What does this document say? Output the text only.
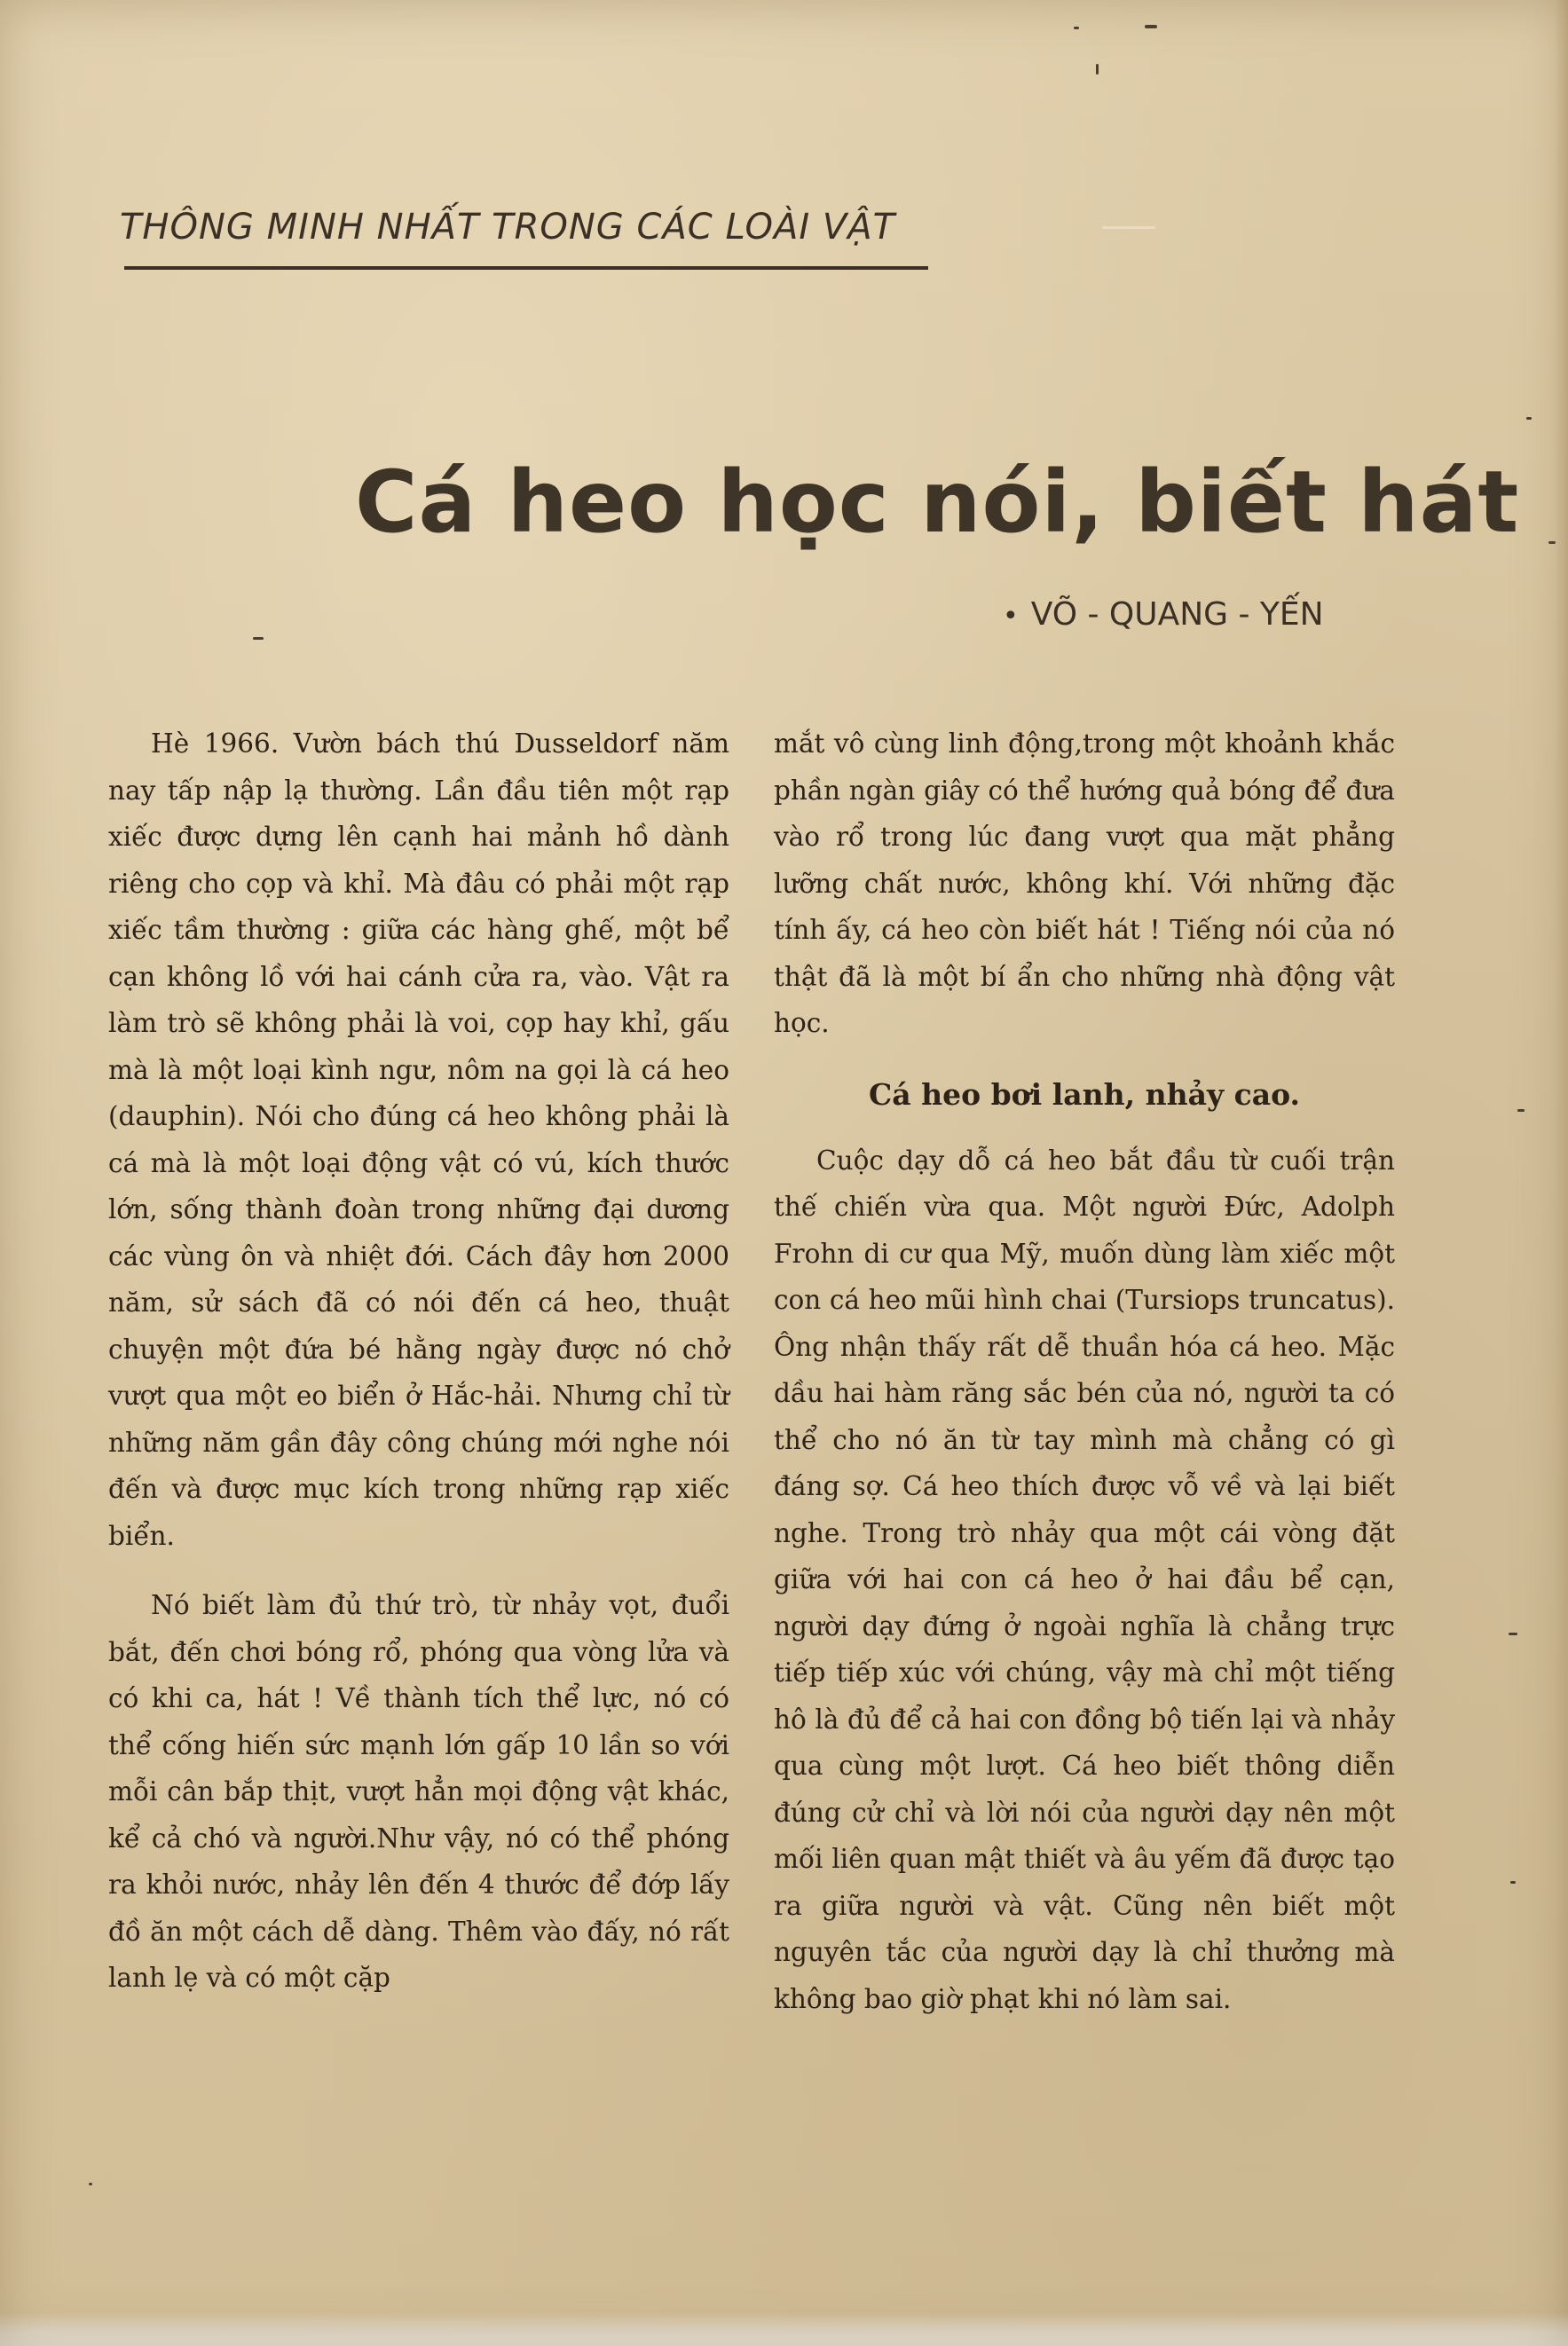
THÔNG MINH NHẤT TRONG CÁC LOÀI VẬT
Cá heo học nói, biết hát
• VÕ - QUANG - YẾN

Hè 1966. Vườn bách thú Dusseldorf năm nay tấp nập lạ thường. Lần đầu tiên một rạp xiếc được dựng lên cạnh hai mảnh hồ dành riêng cho cọp và khỉ. Mà đâu có phải một rạp xiếc tầm thường : giữa các hàng ghế, một bể cạn không lồ với hai cánh cửa ra, vào. Vật ra làm trò sẽ không phải là voi, cọp hay khỉ, gấu mà là một loại kình ngư, nôm na gọi là cá heo (dauphin). Nói cho đúng cá heo không phải là cá mà là một loại động vật có vú, kích thước lớn, sống thành đoàn trong những đại dương các vùng ôn và nhiệt đới. Cách đây hơn 2000 năm, sử sách đã có nói đến cá heo, thuật chuyện một đứa bé hằng ngày được nó chở vượt qua một eo biển ở Hắc-hải. Nhưng chỉ từ những năm gần đây công chúng mới nghe nói đến và được mục kích trong những rạp xiếc biển.

Nó biết làm đủ thứ trò, từ nhảy vọt, đuổi bắt, đến chơi bóng rổ, phóng qua vòng lửa và có khi ca, hát ! Về thành tích thể lực, nó có thể cống hiến sức mạnh lớn gấp 10 lần so với mỗi cân bắp thịt, vượt hẳn mọi động vật khác, kể cả chó và người.Như vậy, nó có thể phóng ra khỏi nước, nhảy lên đến 4 thước để đớp lấy đồ ăn một cách dễ dàng. Thêm vào đấy, nó rất lanh lẹ và có một cặp

mắt vô cùng linh động,trong một khoảnh khắc phần ngàn giây có thể hướng quả bóng để đưa vào rổ trong lúc đang vượt qua mặt phẳng lưỡng chất nước, không khí. Với những đặc tính ấy, cá heo còn biết hát ! Tiếng nói của nó thật đã là một bí ẩn cho những nhà động vật học.

Cá heo bơi lanh, nhảy cao.

Cuộc dạy dỗ cá heo bắt đầu từ cuối trận thế chiến vừa qua. Một người Đức, Adolph Frohn di cư qua Mỹ, muốn dùng làm xiếc một con cá heo mũi hình chai (Tursiops truncatus). Ông nhận thấy rất dễ thuần hóa cá heo. Mặc dầu hai hàm răng sắc bén của nó, người ta có thể cho nó ăn từ tay mình mà chẳng có gì đáng sợ. Cá heo thích được vỗ về và lại biết nghe. Trong trò nhảy qua một cái vòng đặt giữa với hai con cá heo ở hai đầu bể cạn, người dạy đứng ở ngoài nghĩa là chẳng trực tiếp tiếp xúc với chúng, vậy mà chỉ một tiếng hô là đủ để cả hai con đồng bộ tiến lại và nhảy qua cùng một lượt. Cá heo biết thông diễn đúng cử chỉ và lời nói của người dạy nên một mối liên quan mật thiết và âu yếm đã được tạo ra giữa người và vật. Cũng nên biết một nguyên tắc của người dạy là chỉ thưởng mà không bao giờ phạt khi nó làm sai.
